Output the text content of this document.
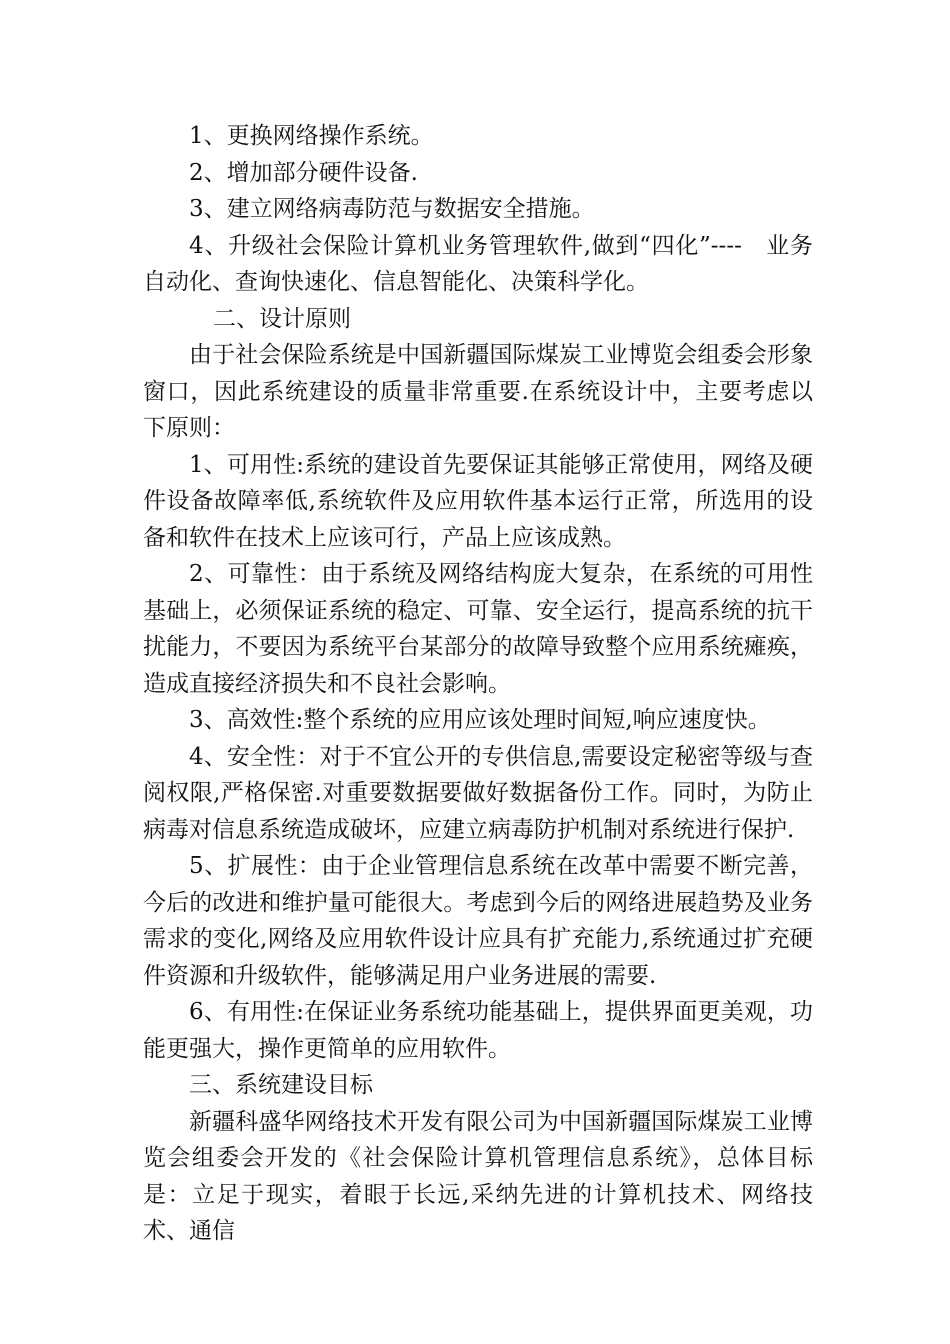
1、更换网络操作系统。

2、增加部分硬件设备.

3、建立网络病毒防范与数据安全措施。

4、升级社会保险计算机业务管理软件,做到“四化”----　业务自动化、查询快速化、信息智能化、决策科学化。

二、设计原则

由于社会保险系统是中国新疆国际煤炭工业博览会组委会形象窗口，因此系统建设的质量非常重要.在系统设计中，主要考虑以下原则：

1、可用性:系统的建设首先要保证其能够正常使用，网络及硬件设备故障率低,系统软件及应用软件基本运行正常，所选用的设备和软件在技术上应该可行，产品上应该成熟。

2、可靠性：由于系统及网络结构庞大复杂，在系统的可用性基础上，必须保证系统的稳定、可靠、安全运行，提高系统的抗干扰能力，不要因为系统平台某部分的故障导致整个应用系统瘫痪，造成直接经济损失和不良社会影响。

3、高效性:整个系统的应用应该处理时间短,响应速度快。

4、安全性：对于不宜公开的专供信息,需要设定秘密等级与查阅权限,严格保密.对重要数据要做好数据备份工作。同时，为防止病毒对信息系统造成破坏，应建立病毒防护机制对系统进行保护.

5、扩展性：由于企业管理信息系统在改革中需要不断完善，今后的改进和维护量可能很大。考虑到今后的网络进展趋势及业务需求的变化,网络及应用软件设计应具有扩充能力,系统通过扩充硬件资源和升级软件，能够满足用户业务进展的需要.

6、有用性:在保证业务系统功能基础上，提供界面更美观，功能更强大，操作更简单的应用软件。

三、系统建设目标

新疆科盛华网络技术开发有限公司为中国新疆国际煤炭工业博览会组委会开发的《社会保险计算机管理信息系统》，总体目标是：立足于现实，着眼于长远,采纳先进的计算机技术、网络技术、通信
